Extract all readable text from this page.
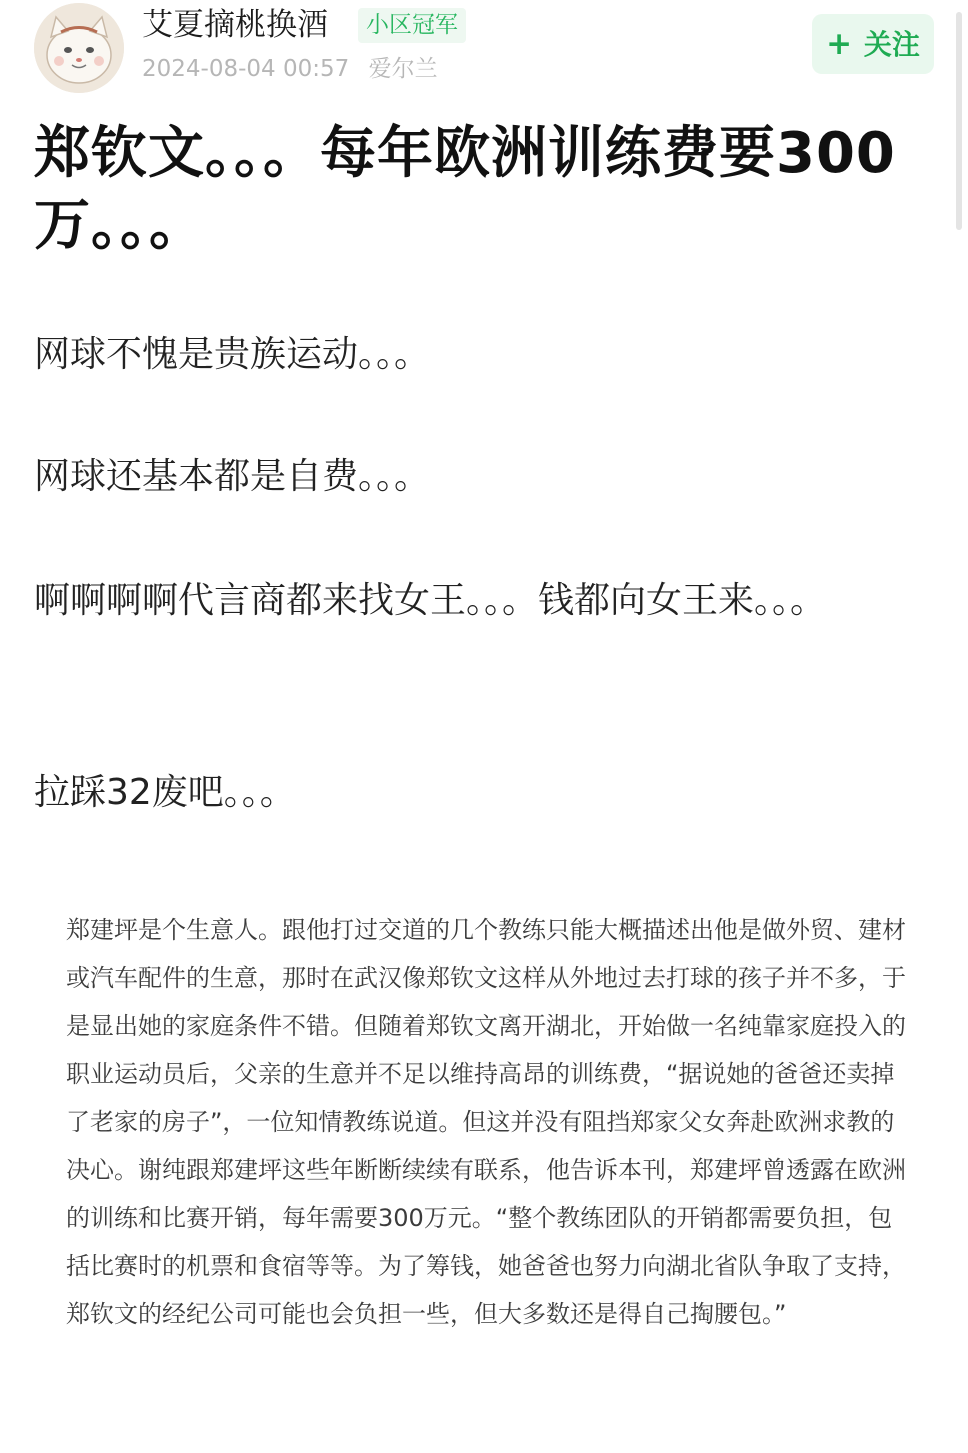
艾夏摘桃换酒	小区冠军
2024-08-04 00:57 爱尔兰
+ 关注
郑钦文。。。每年欧洲训练费要300万。。。
网球不愧是贵族运动。。。
网球还基本都是自费。。。
啊啊啊啊代言商都来找女王。。。钱都向女王来。。。
拉踩32废吧。。。
郑建坪是个生意人。跟他打过交道的几个教练只能大概描述出他是做外贸、建材或汽车配件的生意，那时在武汉像郑钦文这样从外地过去打球的孩子并不多，于是显出她的家庭条件不错。但随着郑钦文离开湖北，开始做一名纯靠家庭投入的职业运动员后，父亲的生意并不足以维持高昂的训练费，“据说她的爸爸还卖掉了老家的房子”，一位知情教练说道。但这并没有阻挡郑家父女奔赴欧洲求教的决心。谢纯跟郑建坪这些年断断续续有联系，他告诉本刊，郑建坪曾透露在欧洲的训练和比赛开销，每年需要300万元。“整个教练团队的开销都需要负担，包括比赛时的机票和食宿等等。为了筹钱，她爸爸也努力向湖北省队争取了支持，郑钦文的经纪公司可能也会负担一些，但大多数还是得自己掏腰包。”
